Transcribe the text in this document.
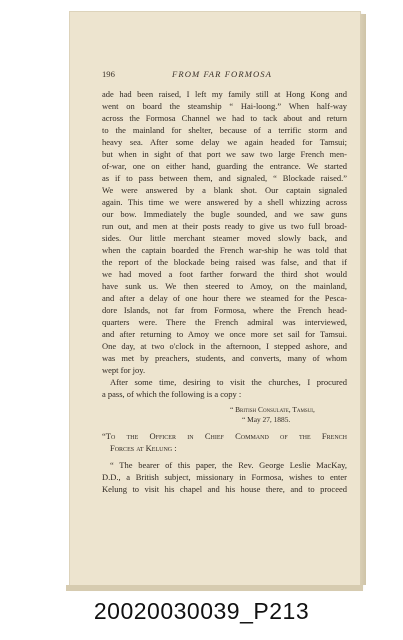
196	FROM FAR FORMOSA
ade had been raised, I left my family still at Hong Kong and
went on board the steamship “ Hai-loong.” When half-way
across the Formosa Channel we had to tack about and return
to the mainland for shelter, because of a terrific storm and
heavy sea. After some delay we again headed for Tamsui;
but when in sight of that port we saw two large French men-
of-war, one on either hand, guarding the entrance. We started
as if to pass between them, and signaled, “ Blockade raised.”
We were answered by a blank shot. Our captain signaled
again. This time we were answered by a shell whizzing across
our bow. Immediately the bugle sounded, and we saw guns
run out, and men at their posts ready to give us two full broad-
sides. Our little merchant steamer moved slowly back, and
when the captain boarded the French war-ship he was told that
the report of the blockade being raised was false, and that if
we had moved a foot farther forward the third shot would
have sunk us. We then steered to Amoy, on the mainland,
and after a delay of one hour there we steamed for the Pesca-
dore Islands, not far from Formosa, where the French head-
quarters were. There the French admiral was interviewed,
and after returning to Amoy we once more set sail for Tamsui.
One day, at two o'clock in the afternoon, I stepped ashore, and
was met by preachers, students, and converts, many of whom
wept for joy.
After some time, desiring to visit the churches, I procured
a pass, of which the following is a copy :
“ British Consulate, Tamsui,
“ May 27, 1885.
“To the Officer in Chief Command of the French
Forces at Kelung :
“ The bearer of this paper, the Rev. George Leslie MacKay,
D.D., a British subject, missionary in Formosa, wishes to enter
Kelung to visit his chapel and his house there, and to proceed
20020030039_P213
